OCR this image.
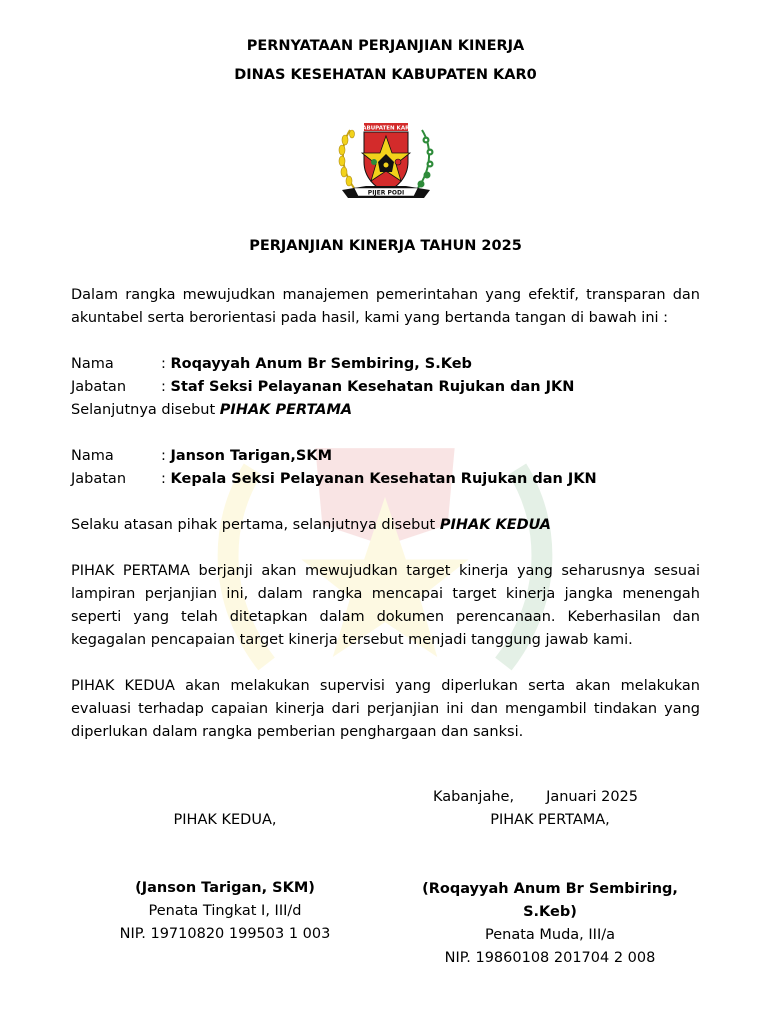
PERNYATAAN PERJANJIAN KINERJA
DINAS KESEHATAN KABUPATEN KAR0
KABUPATEN KARO
PIJER PODI
PERJANJIAN KINERJA TAHUN 2025
Dalam rangka mewujudkan manajemen pemerintahan yang efektif, transparan dan akuntabel serta berorientasi pada hasil, kami yang bertanda tangan di bawah ini :
Nama	: Roqayyah Anum Br Sembiring, S.Keb
Jabatan : Staf Seksi Pelayanan Kesehatan Rujukan dan JKN
Selanjutnya disebut PIHAK PERTAMA
Nama	: Janson Tarigan,SKM
Jabatan : Kepala Seksi Pelayanan Kesehatan Rujukan dan JKN
Selaku atasan pihak pertama, selanjutnya disebut PIHAK KEDUA
PIHAK PERTAMA berjanji akan mewujudkan target kinerja yang seharusnya sesuai lampiran perjanjian ini, dalam rangka mencapai target kinerja jangka menengah seperti yang telah ditetapkan dalam dokumen perencanaan. Keberhasilan dan kegagalan pencapaian target kinerja tersebut menjadi tanggung jawab kami.
PIHAK KEDUA akan melakukan supervisi yang diperlukan serta akan melakukan evaluasi terhadap capaian kinerja dari perjanjian ini dan mengambil tindakan yang diperlukan dalam rangka pemberian penghargaan dan sanksi.
Kabanjahe, Januari 2025
PIHAK KEDUA,
(Janson Tarigan, SKM)
Penata Tingkat I, III/d
NIP. 19710820 199503 1 003
PIHAK PERTAMA,
(Roqayyah Anum Br Sembiring,
S.Keb)
Penata Muda, III/a
NIP. 19860108 201704 2 008
